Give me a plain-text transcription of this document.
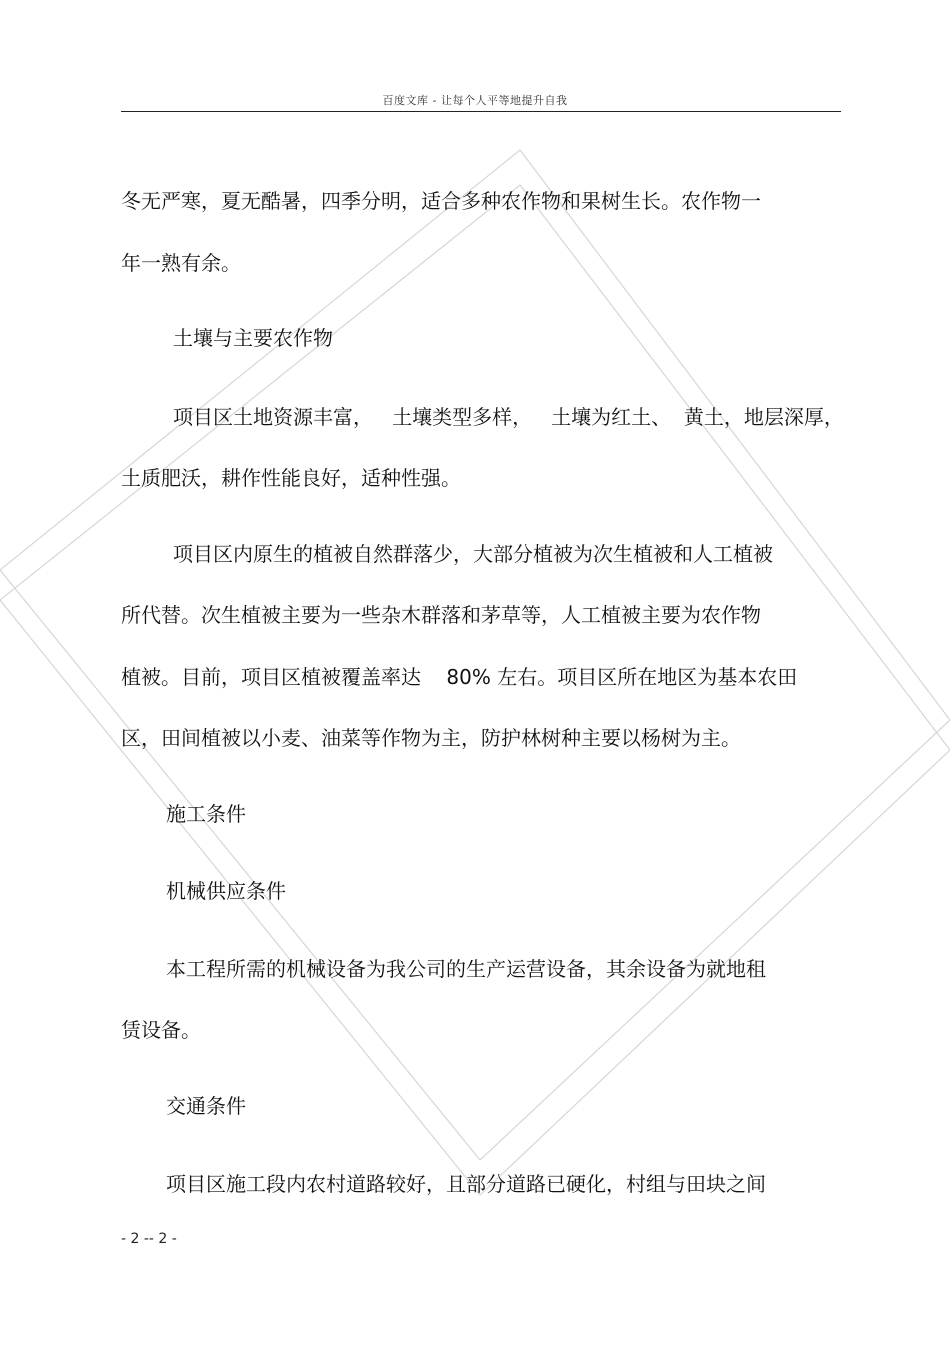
百度文库 - 让每个人平等地提升自我
冬无严寒，夏无酷暑，四季分明，适合多种农作物和果树生长。农作物一
年一熟有余。
土壤与主要农作物
项目区土地资源丰富，   土壤类型多样，   土壤为红土、  黄土，地层深厚，
土质肥沃，耕作性能良好，适种性强。
项目区内原生的植被自然群落少，大部分植被为次生植被和人工植被
所代替。次生植被主要为一些杂木群落和茅草等，人工植被主要为农作物
植被。目前，项目区植被覆盖率达    80% 左右。项目区所在地区为基本农田
区，田间植被以小麦、油菜等作物为主，防护林树种主要以杨树为主。
施工条件
机械供应条件
本工程所需的机械设备为我公司的生产运营设备，其余设备为就地租
赁设备。
交通条件
项目区施工段内农村道路较好，且部分道路已硬化，村组与田块之间
- 2 -- 2 -
